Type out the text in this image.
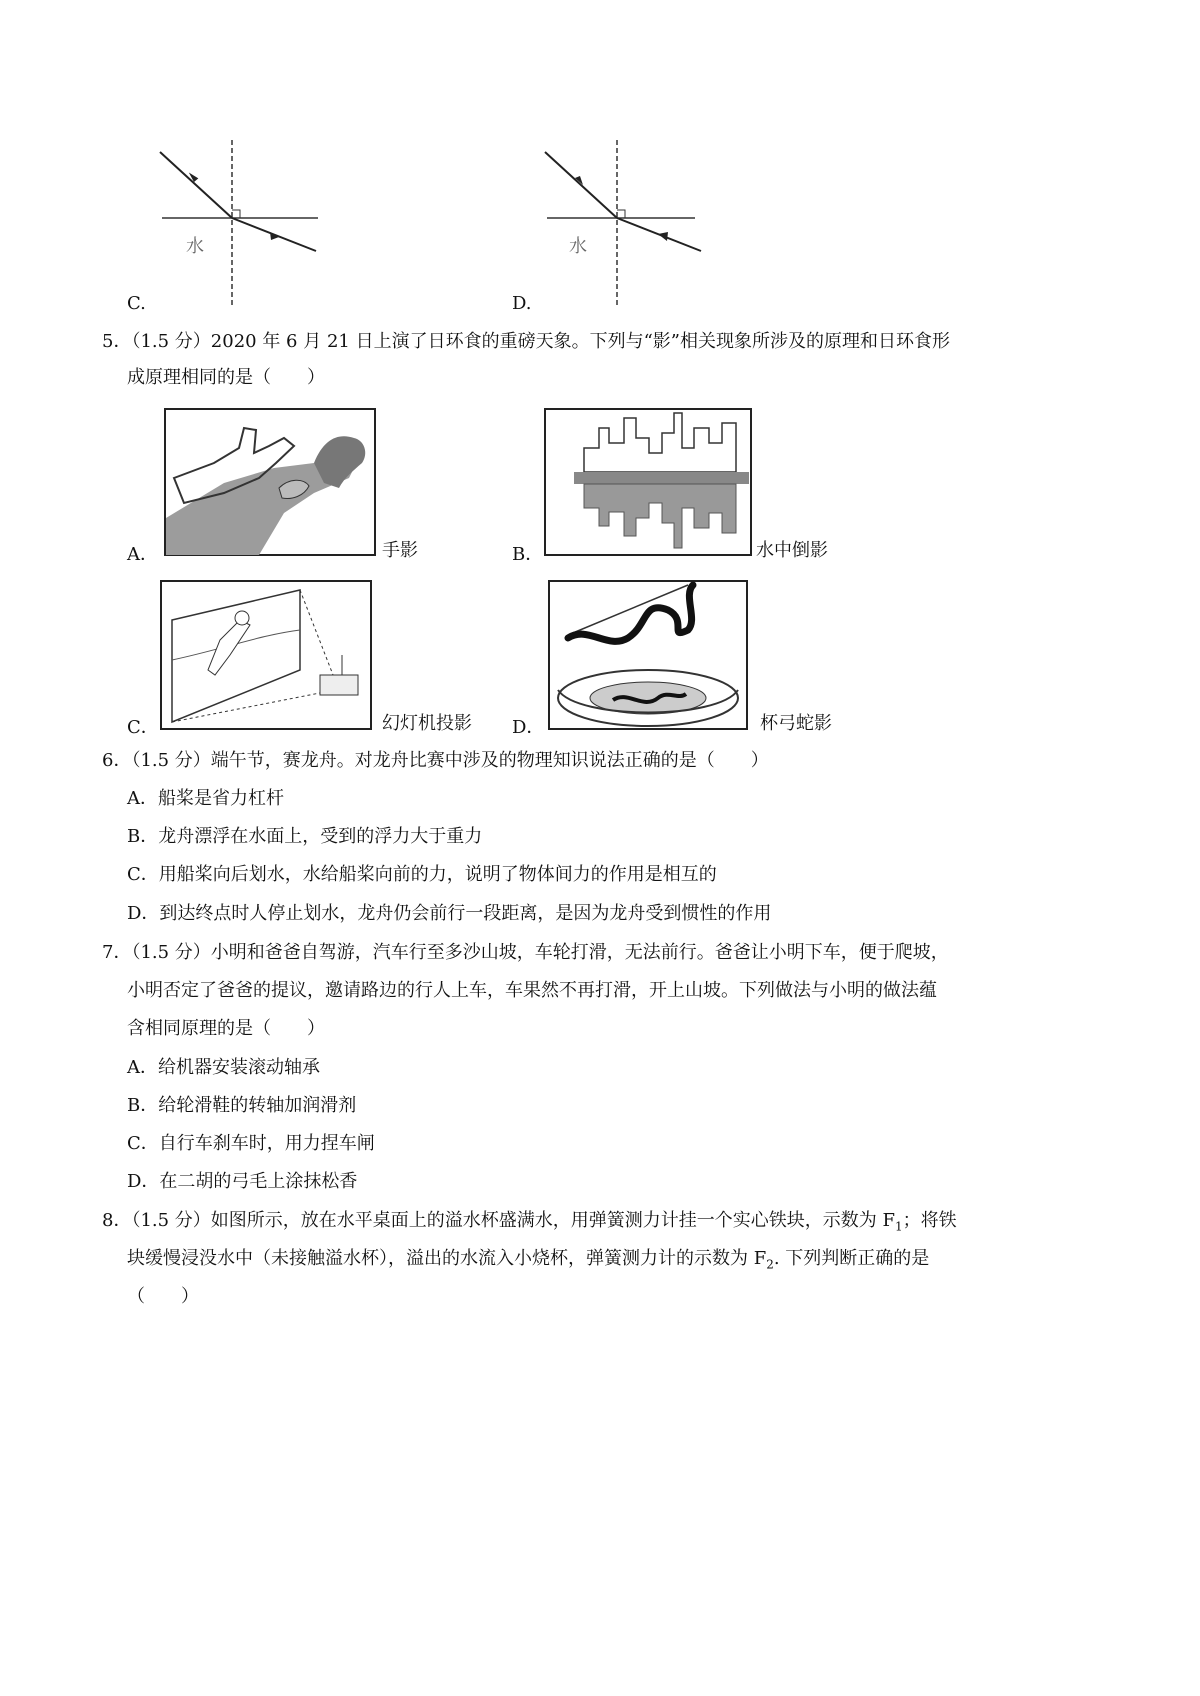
水
C.
水
D.
5．（1.5 分）2020 年 6 月 21 日上演了日环食的重磅天象。下列与“影”相关现象所涉及的原理和日环食形
成原理相同的是（　　）
A．	手影	B．	水中倒影
C．	幻灯机投影 D．	杯弓蛇影
6．（1.5 分）端午节，赛龙舟。对龙舟比赛中涉及的物理知识说法正确的是（　　）
A．船桨是省力杠杆
B．龙舟漂浮在水面上，受到的浮力大于重力
C．用船桨向后划水，水给船桨向前的力，说明了物体间力的作用是相互的
D．到达终点时人停止划水，龙舟仍会前行一段距离，是因为龙舟受到惯性的作用
7．（1.5 分）小明和爸爸自驾游，汽车行至多沙山坡，车轮打滑，无法前行。爸爸让小明下车，便于爬坡，
小明否定了爸爸的提议，邀请路边的行人上车，车果然不再打滑，开上山坡。下列做法与小明的做法蕴
含相同原理的是（　　）
A．给机器安装滚动轴承
B．给轮滑鞋的转轴加润滑剂
C．自行车刹车时，用力捏车闸
D．在二胡的弓毛上涂抹松香
8．（1.5 分）如图所示，放在水平桌面上的溢水杯盛满水，用弹簧测力计挂一个实心铁块，示数为 $F_1$；将铁
块缓慢浸没水中（未接触溢水杯），溢出的水流入小烧杯，弹簧测力计的示数为 $F_2$. 下列判断正确的是
（　　）
